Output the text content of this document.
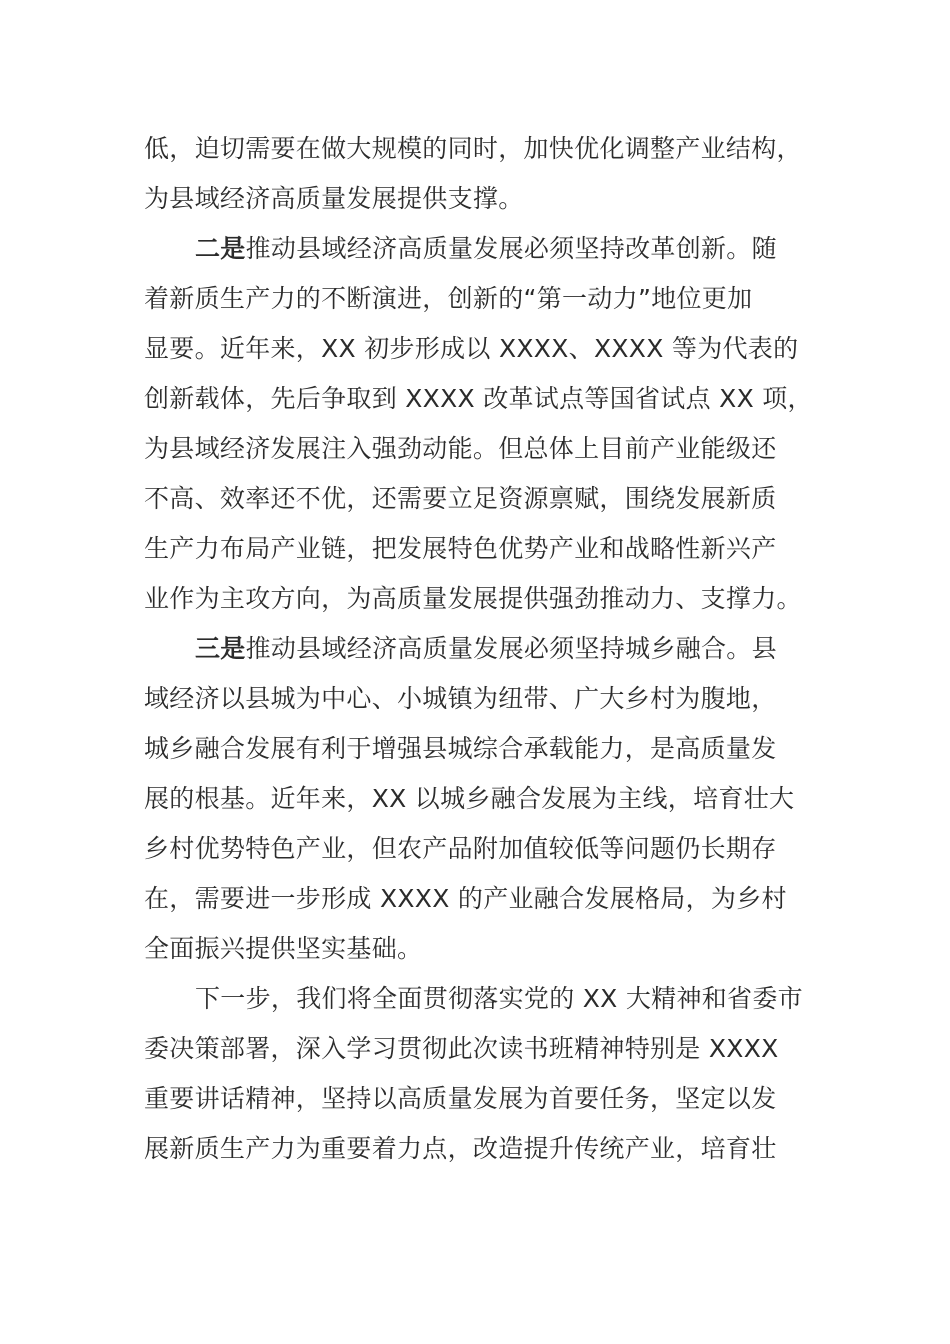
低，迫切需要在做大规模的同时，加快优化调整产业结构，
为县域经济高质量发展提供支撑。
二是推动县域经济高质量发展必须坚持改革创新。随
着新质生产力的不断演进，创新的“第一动力”地位更加
显要。近年来，XX 初步形成以 XXXX、XXXX 等为代表的
创新载体，先后争取到 XXXX 改革试点等国省试点 XX 项，
为县域经济发展注入强劲动能。但总体上目前产业能级还
不高、效率还不优，还需要立足资源禀赋，围绕发展新质
生产力布局产业链，把发展特色优势产业和战略性新兴产
业作为主攻方向，为高质量发展提供强劲推动力、支撑力。
三是推动县域经济高质量发展必须坚持城乡融合。县
域经济以县城为中心、小城镇为纽带、广大乡村为腹地，
城乡融合发展有利于增强县城综合承载能力，是高质量发
展的根基。近年来，XX 以城乡融合发展为主线，培育壮大
乡村优势特色产业，但农产品附加值较低等问题仍长期存
在，需要进一步形成 XXXX 的产业融合发展格局，为乡村
全面振兴提供坚实基础。
下一步，我们将全面贯彻落实党的 XX 大精神和省委市
委决策部署，深入学习贯彻此次读书班精神特别是 XXXX
重要讲话精神，坚持以高质量发展为首要任务，坚定以发
展新质生产力为重要着力点，改造提升传统产业，培育壮
